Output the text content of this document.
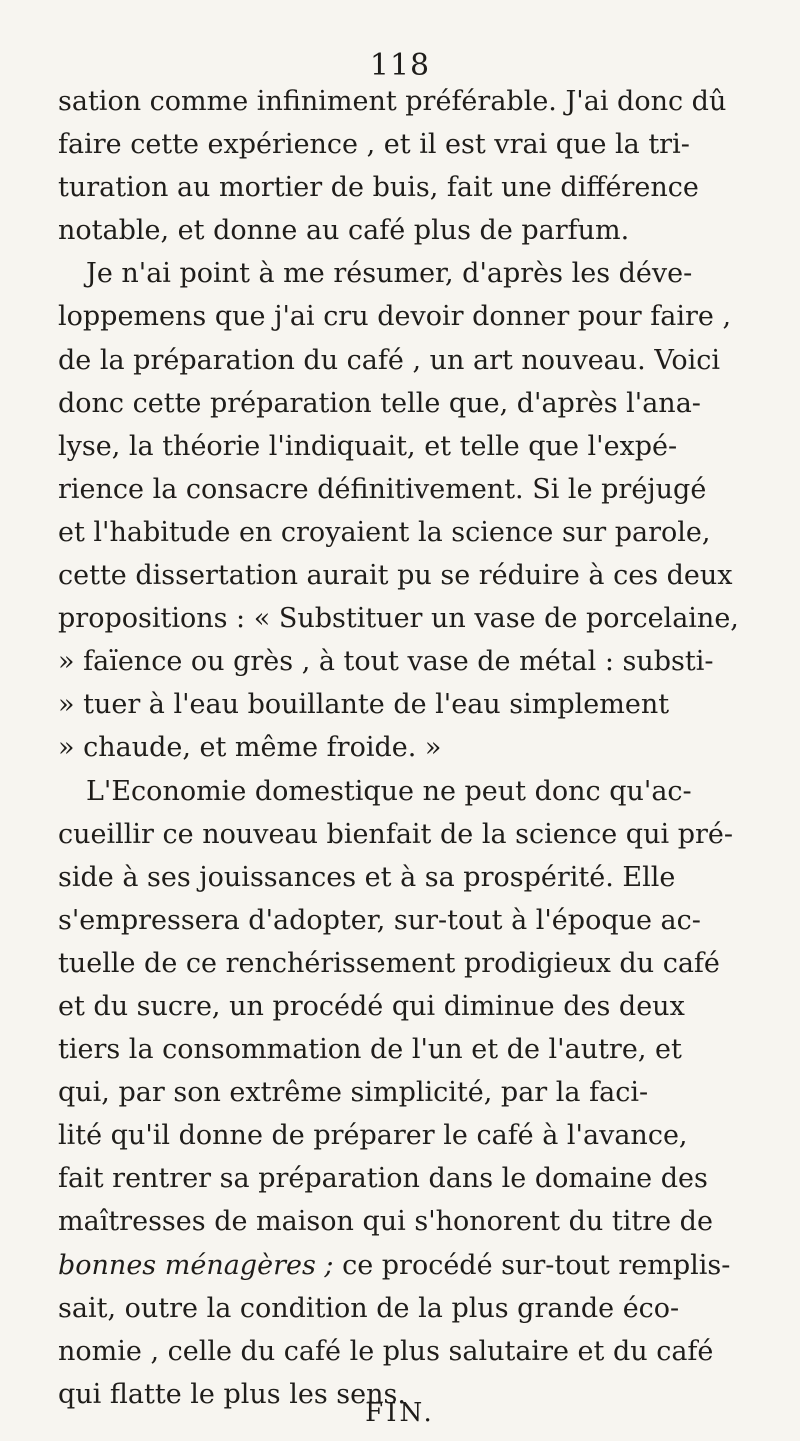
118
sation comme infiniment préférable. J'ai donc dû
faire cette expérience , et il est vrai que la tri-
turation au mortier de buis, fait une différence
notable, et donne au café plus de parfum.
Je n'ai point à me résumer, d'après les déve-
loppemens que j'ai cru devoir donner pour faire ,
de la préparation du café , un art nouveau. Voici
donc cette préparation telle que, d'après l'ana-
lyse, la théorie l'indiquait, et telle que l'expé-
rience la consacre définitivement. Si le préjugé
et l'habitude en croyaient la science sur parole,
cette dissertation aurait pu se réduire à ces deux
propositions : « Substituer un vase de porcelaine,
» faïence ou grès , à tout vase de métal : substi-
» tuer à l'eau bouillante de l'eau simplement
» chaude, et même froide. »
L'Economie domestique ne peut donc qu'ac-
cueillir ce nouveau bienfait de la science qui pré-
side à ses jouissances et à sa prospérité. Elle
s'empressera d'adopter, sur-tout à l'époque ac-
tuelle de ce renchérissement prodigieux du café
et du sucre, un procédé qui diminue des deux
tiers la consommation de l'un et de l'autre, et
qui, par son extrême simplicité, par la faci-
lité qu'il donne de préparer le café à l'avance,
fait rentrer sa préparation dans le domaine des
maîtresses de maison qui s'honorent du titre de
bonnes ménagères ; ce procédé sur-tout remplis-
sait, outre la condition de la plus grande éco-
nomie , celle du café le plus salutaire et du café
qui flatte le plus les sens.
FIN.
